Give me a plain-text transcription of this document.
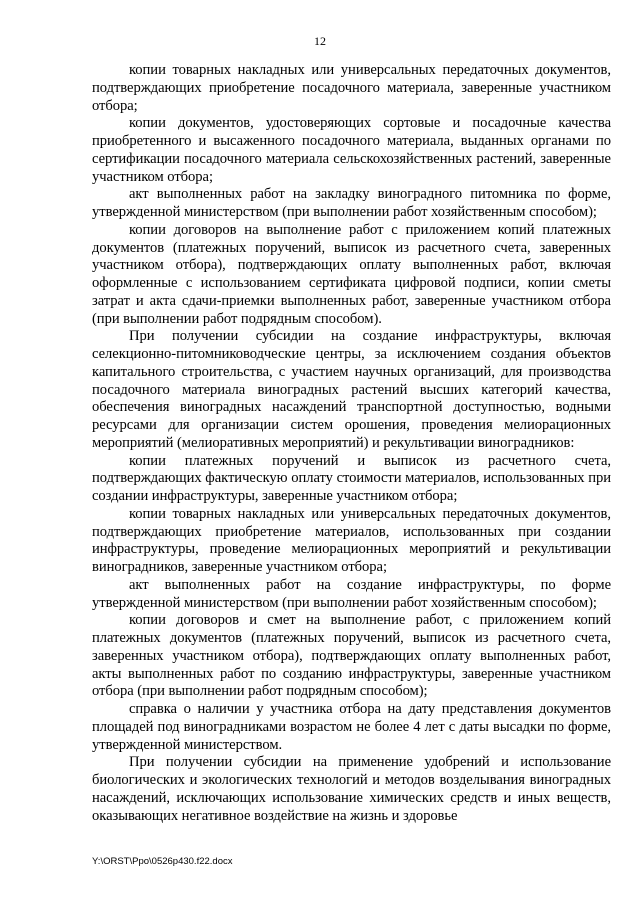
12

копии товарных накладных или универсальных передаточных документов, подтверждающих приобретение посадочного материала, заверенные участником отбора;

копии документов, удостоверяющих сортовые и посадочные качества приобретенного и высаженного посадочного материала, выданных органами по сертификации посадочного материала сельскохозяйственных растений, заверенные участником отбора;

акт выполненных работ на закладку виноградного питомника по форме, утвержденной министерством (при выполнении работ хозяйственным способом);

копии договоров на выполнение работ с приложением копий платежных документов (платежных поручений, выписок из расчетного счета, заверенных участником отбора), подтверждающих оплату выполненных работ, включая оформленные с использованием сертификата цифровой подписи, копии сметы затрат и акта сдачи-приемки выполненных работ, заверенные участником отбора (при выполнении работ подрядным способом).

При получении субсидии на создание инфраструктуры, включая селекционно-питомниководческие центры, за исключением создания объектов капитального строительства, с участием научных организаций, для производства посадочного материала виноградных растений высших категорий качества, обеспечения виноградных насаждений транспортной доступностью, водными ресурсами для организации систем орошения, проведения мелиорационных мероприятий (мелиоративных мероприятий) и рекультивации виноградников:

копии платежных поручений и выписок из расчетного счета, подтверждающих фактическую оплату стоимости материалов, использованных при создании инфраструктуры, заверенные участником отбора;

копии товарных накладных или универсальных передаточных документов, подтверждающих приобретение материалов, использованных при создании инфраструктуры, проведение мелиорационных мероприятий и рекультивации виноградников, заверенные участником отбора;

акт выполненных работ на создание инфраструктуры, по форме утвержденной министерством (при выполнении работ хозяйственным способом);

копии договоров и смет на выполнение работ, с приложением копий платежных документов (платежных поручений, выписок из расчетного счета, заверенных участником отбора), подтверждающих оплату выполненных работ, акты выполненных работ по созданию инфраструктуры, заверенные участником отбора (при выполнении работ подрядным способом);

справка о наличии у участника отбора на дату представления документов площадей под виноградниками возрастом не более 4 лет с даты высадки по форме, утвержденной министерством.

При получении субсидии на применение удобрений и использование биологических и экологических технологий и методов возделывания виноградных насаждений, исключающих использование химических средств и иных веществ, оказывающих негативное воздействие на жизнь и здоровье

Y:\ORST\Ppo\0526p430.f22.docx
